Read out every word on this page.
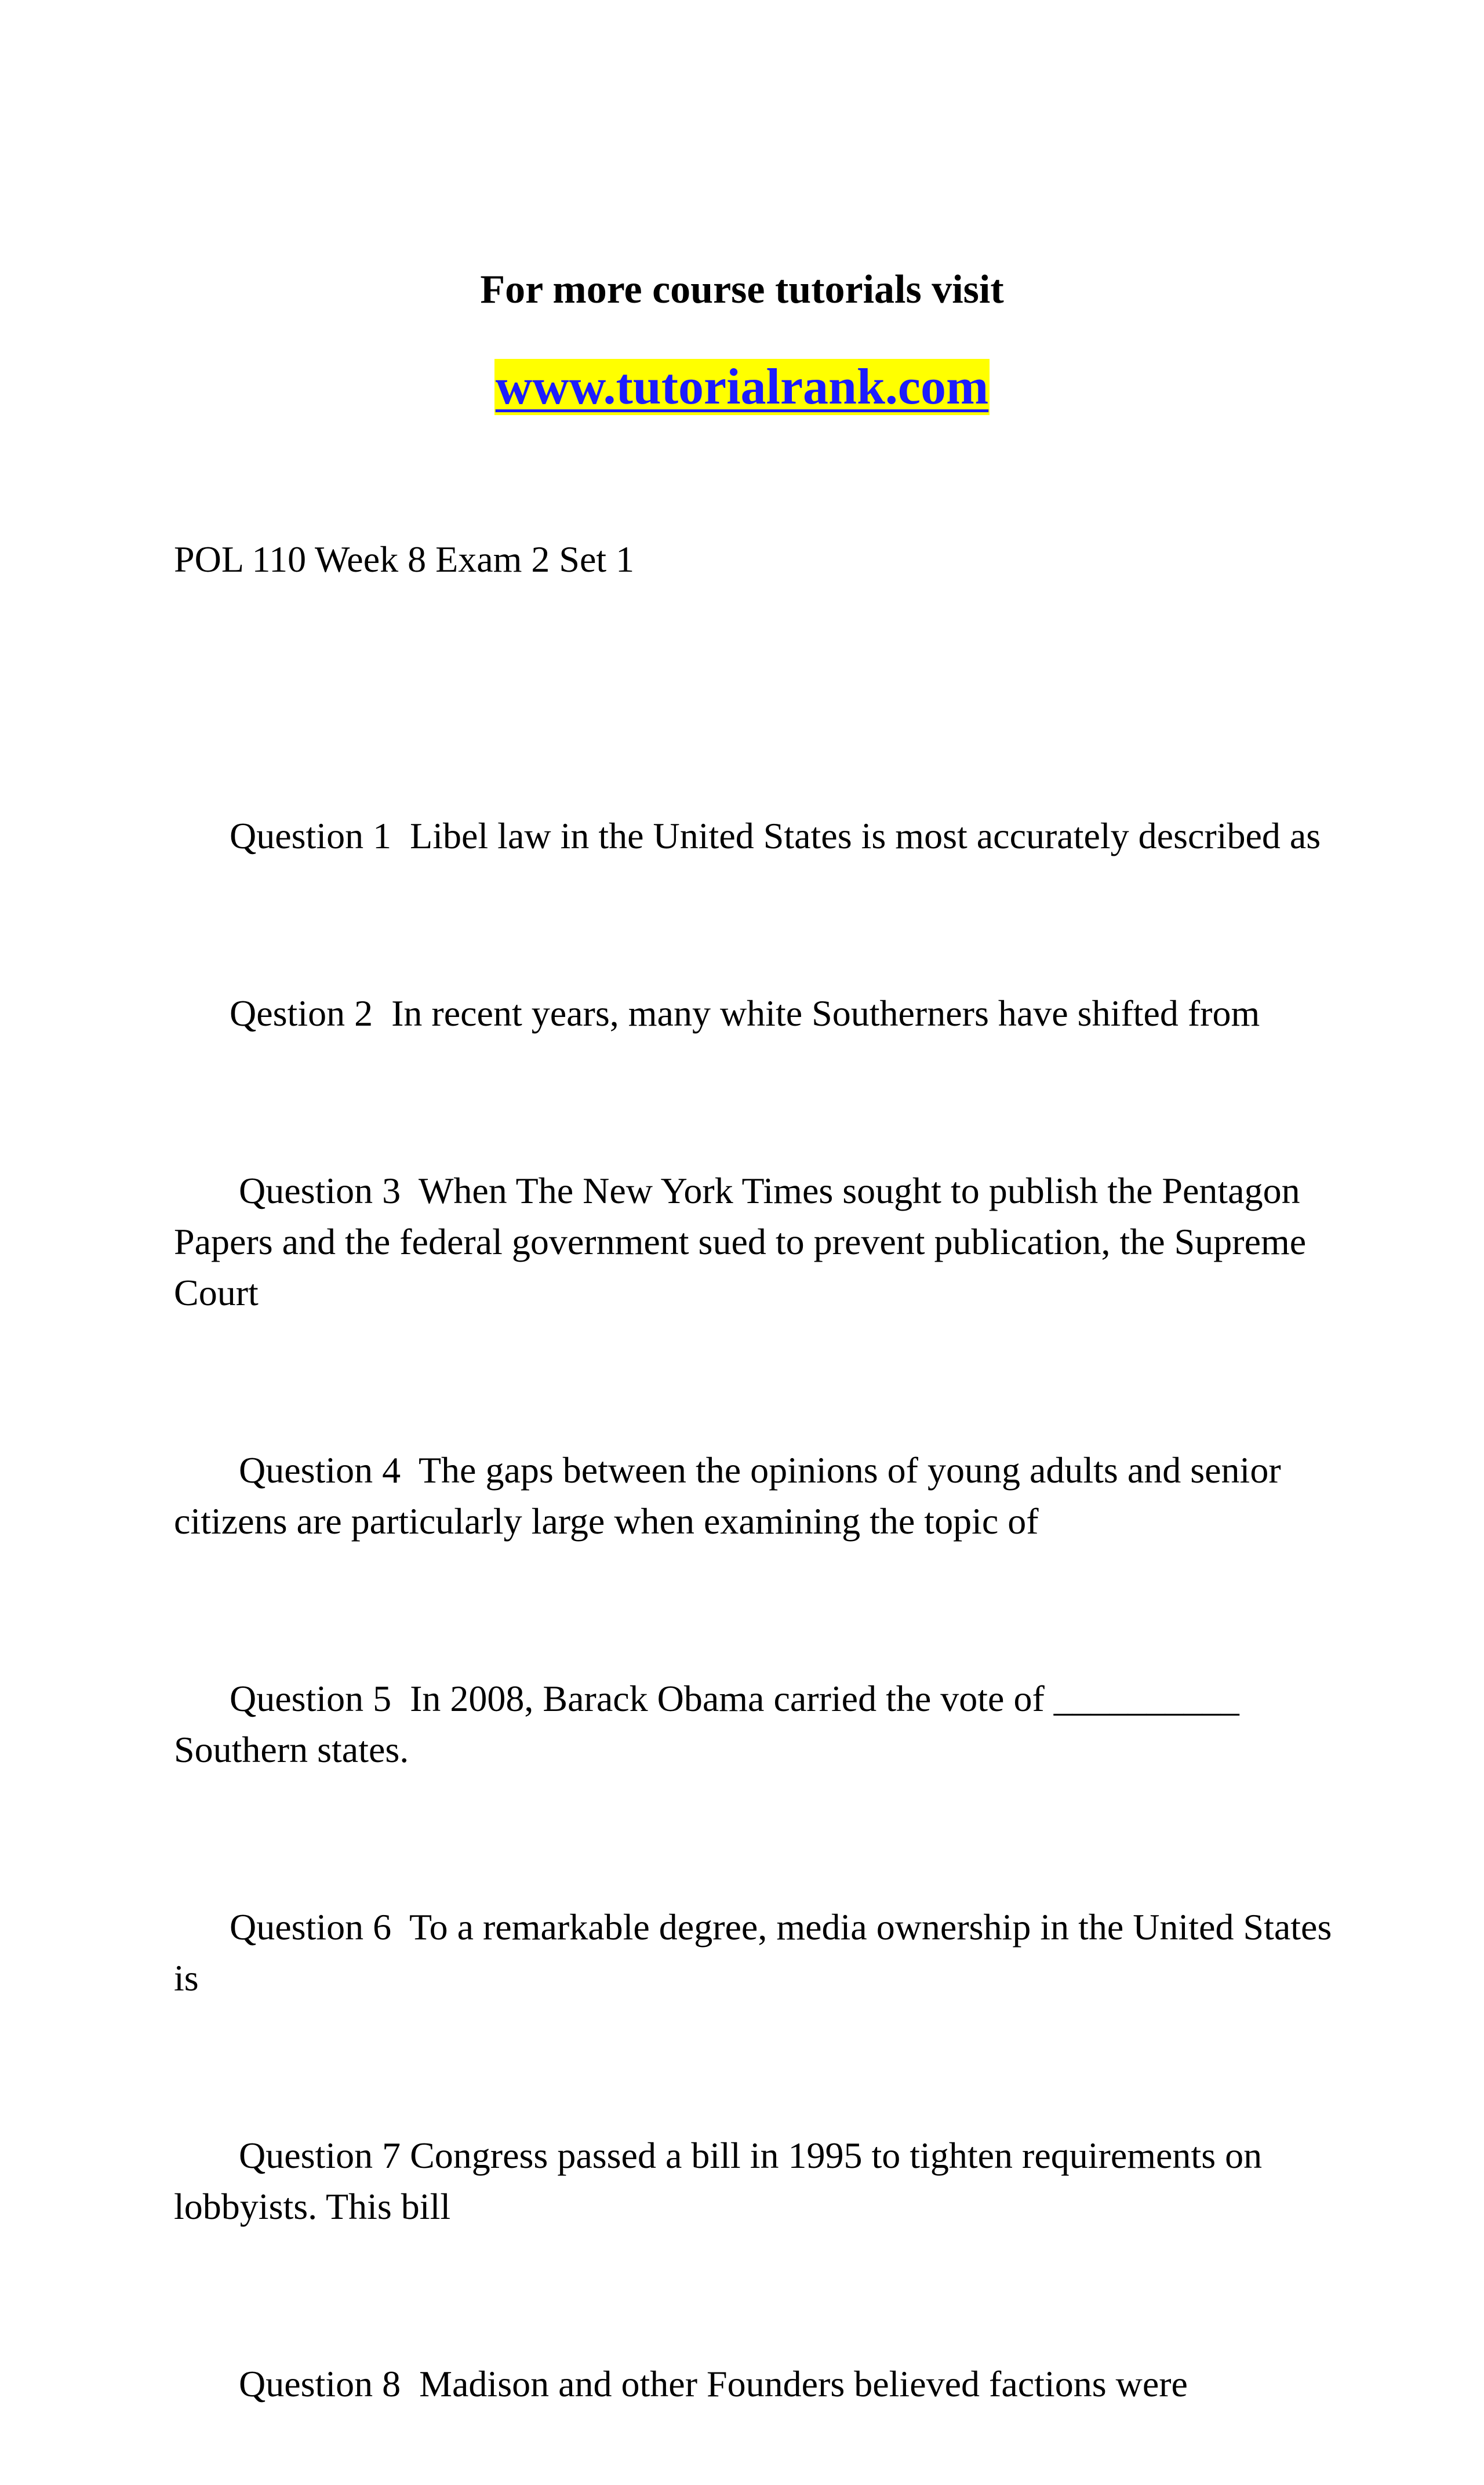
For more course tutorials visit
www.tutorialrank.com
POL 110 Week 8 Exam 2 Set 1

Question 1  Libel law in the United States is most accurately described as

Qestion 2  In recent years, many white Southerners have shifted from

Question 3  When The New York Times sought to publish the Pentagon Papers and the federal government sued to prevent publication, the Supreme Court

Question 4  The gaps between the opinions of young adults and senior citizens are particularly large when examining the topic of

Question 5  In 2008, Barack Obama carried the vote of __________ Southern states.

Question 6  To a remarkable degree, media ownership in the United States is

Question 7 Congress passed a bill in 1995 to tighten requirements on lobbyists. This bill

Question 8  Madison and other Founders believed factions were
